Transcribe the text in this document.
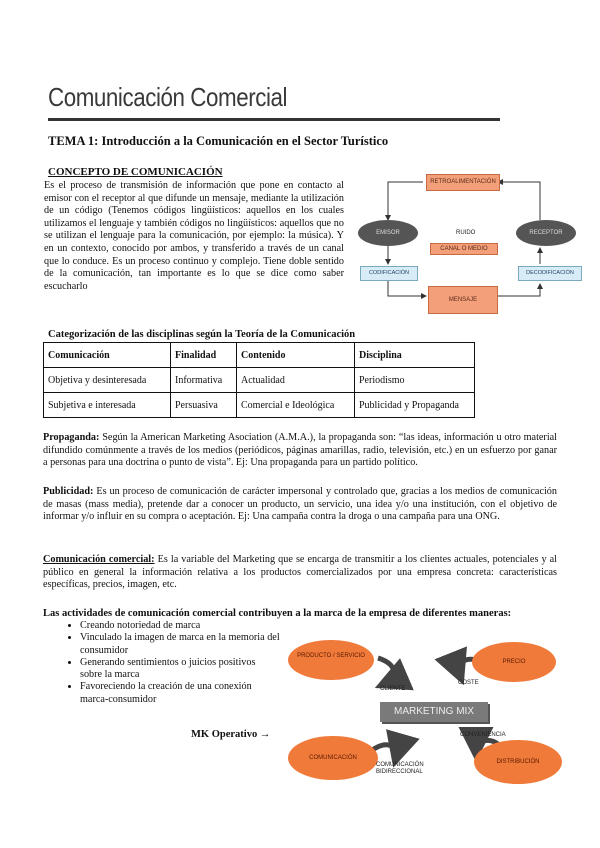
Comunicación Comercial
TEMA 1: Introducción a la Comunicación en el Sector Turístico
CONCEPTO DE COMUNICACIÓN
Es el proceso de transmisión de información que pone en contacto al emisor con el receptor al que difunde un mensaje, mediante la utilización de un código (Tenemos códigos lingüísticos: aquellos en los cuales utilizamos el lenguaje y también códigos no lingüísticos: aquellos que no se utilizan el lenguaje para la comunicación, por ejemplo: la música). Y en un contexto, conocido por ambos, y transferido a través de un canal que lo conduce. Es un proceso continuo y complejo. Tiene doble sentido de la comunicación, tan importante es lo que se dice como saber escucharlo
RETROALIMENTACIÓN
EMISOR	RECEPTOR
RUIDO
CANAL O MEDIO
CODIFICACIÓN	DECODIFICACIÓN
MENSAJE
Categorización de las disciplinas según la Teoría de la Comunicación
Comunicación	Finalidad	Contenido	Disciplina
Objetiva y desinteresada	Informativa	Actualidad	Periodismo
Subjetiva e interesada	Persuasiva	Comercial e Ideológica	Publicidad y Propaganda
Propaganda: Según la American Marketing Asociation (A.M.A.), la propaganda son: “las ideas, información u otro material difundido comúnmente a través de los medios (periódicos, páginas amarillas, radio, televisión, etc.) en un esfuerzo por ganar a personas para una doctrina o punto de vista”. Ej: Una propaganda para un partido político.
Publicidad: Es un proceso de comunicación de carácter impersonal y controlado que, gracias a los medios de comunicación de masas (mass media), pretende dar a conocer un producto, un servicio, una idea y/o una institución, con el objetivo de informar y/o influir en su compra o aceptación. Ej: Una campaña contra la droga o una campaña para una ONG.
Comunicación comercial: Es la variable del Marketing que se encarga de transmitir a los clientes actuales, potenciales y al público en general la información relativa a los productos comercializados por una empresa concreta: características específicas, precios, imagen, etc.
Las actividades de comunicación comercial contribuyen a la marca de la empresa de diferentes maneras:
• Creando notoriedad de marca
• Vinculado la imagen de marca en la memoria del consumidor
• Generando sentimientos o juicios positivos sobre la marca
• Favoreciendo la creación de una conexión marca-consumidor
MK Operativo →
PRODUCTO / SERVICIO
PRECIO
CLIENTE
COSTE
MARKETING MIX
CONVENIENCIA
COMUNICACIÓN
COMUNICACIÓN BIDIRECCIONAL
DISTRIBUCIÓN
